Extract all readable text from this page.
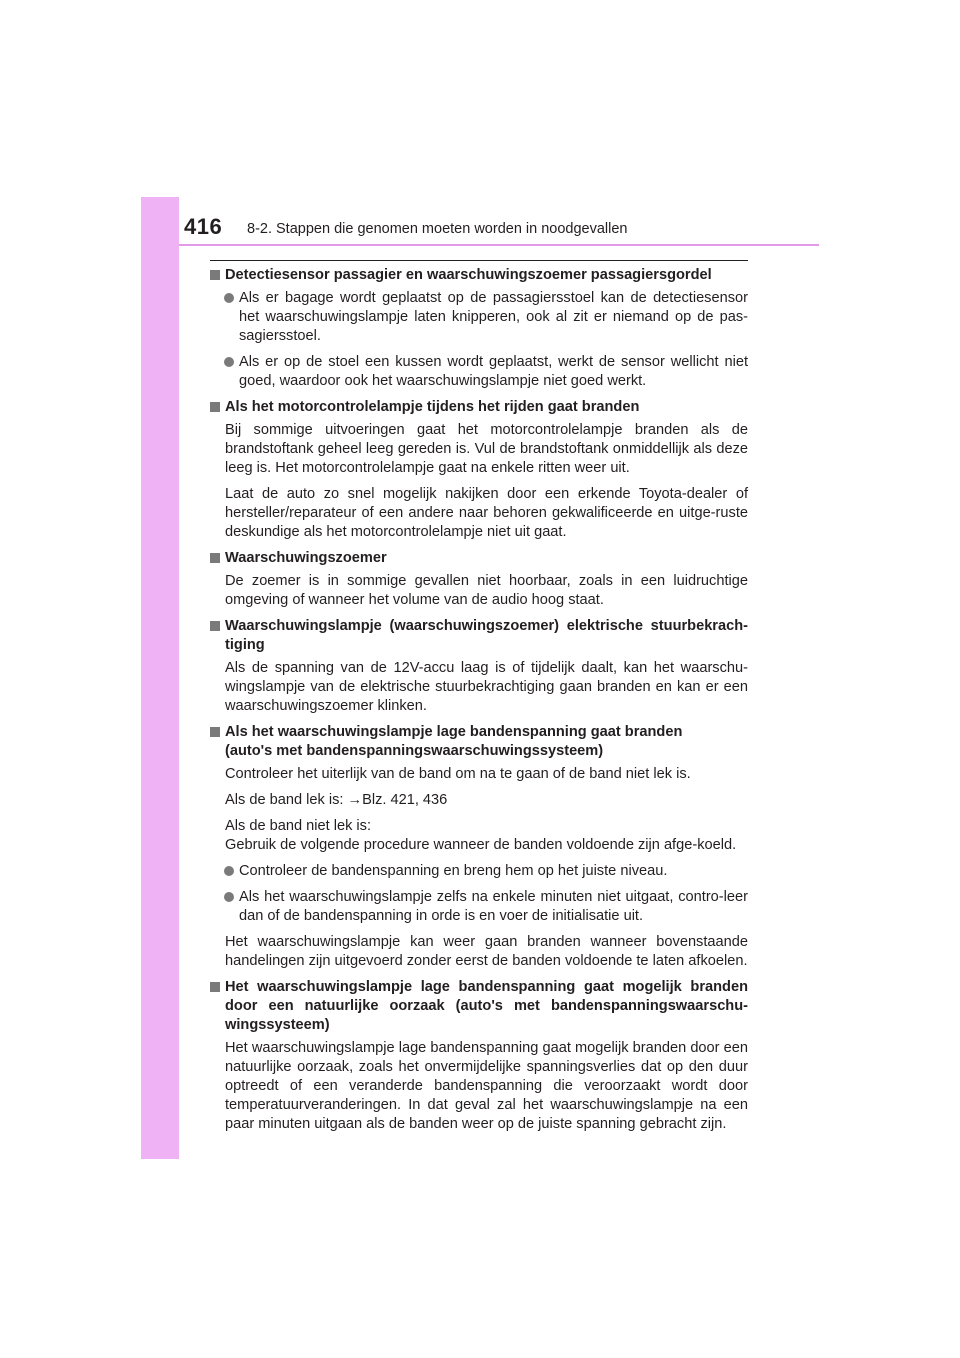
416 8-2. Stappen die genomen moeten worden in noodgevallen
Detectiesensor passagier en waarschuwingszoemer passagiersgordel
Als er bagage wordt geplaatst op de passagiersstoel kan de detectiesensor het waarschuwingslampje laten knipperen, ook al zit er niemand op de pas-sagiersstoel.
Als er op de stoel een kussen wordt geplaatst, werkt de sensor wellicht niet goed, waardoor ook het waarschuwingslampje niet goed werkt.
Als het motorcontrolelampje tijdens het rijden gaat branden

Bij sommige uitvoeringen gaat het motorcontrolelampje branden als de brandstoftank geheel leeg gereden is. Vul de brandstoftank onmiddellijk als deze leeg is. Het motorcontrolelampje gaat na enkele ritten weer uit.

Laat de auto zo snel mogelijk nakijken door een erkende Toyota-dealer of hersteller/reparateur of een andere naar behoren gekwalificeerde en uitge-ruste deskundige als het motorcontrolelampje niet uit gaat.

Waarschuwingszoemer

De zoemer is in sommige gevallen niet hoorbaar, zoals in een luidruchtige omgeving of wanneer het volume van de audio hoog staat.

Waarschuwingslampje (waarschuwingszoemer) elektrische stuurbekrach-tiging

Als de spanning van de 12V-accu laag is of tijdelijk daalt, kan het waarschu-wingslampje van de elektrische stuurbekrachtiging gaan branden en kan er een waarschuwingszoemer klinken.

Als het waarschuwingslampje lage bandenspanning gaat branden
(auto's met bandenspanningswaarschuwingssysteem)

Controleer het uiterlijk van de band om na te gaan of de band niet lek is.

Als de band lek is: →Blz. 421, 436

Als de band niet lek is:
Gebruik de volgende procedure wanneer de banden voldoende zijn afge-koeld.

Controleer de bandenspanning en breng hem op het juiste niveau.
Als het waarschuwingslampje zelfs na enkele minuten niet uitgaat, contro-leer dan of de bandenspanning in orde is en voer de initialisatie uit.

Het waarschuwingslampje kan weer gaan branden wanneer bovenstaande handelingen zijn uitgevoerd zonder eerst de banden voldoende te laten afkoelen.

Het waarschuwingslampje lage bandenspanning gaat mogelijk branden door een natuurlijke oorzaak (auto's met bandenspanningswaarschu-wingssysteem)

Het waarschuwingslampje lage bandenspanning gaat mogelijk branden door een natuurlijke oorzaak, zoals het onvermijdelijke spanningsverlies dat op den duur optreedt of een veranderde bandenspanning die veroorzaakt wordt door temperatuurveranderingen. In dat geval zal het waarschuwingslampje na een paar minuten uitgaan als de banden weer op de juiste spanning gebracht zijn.
